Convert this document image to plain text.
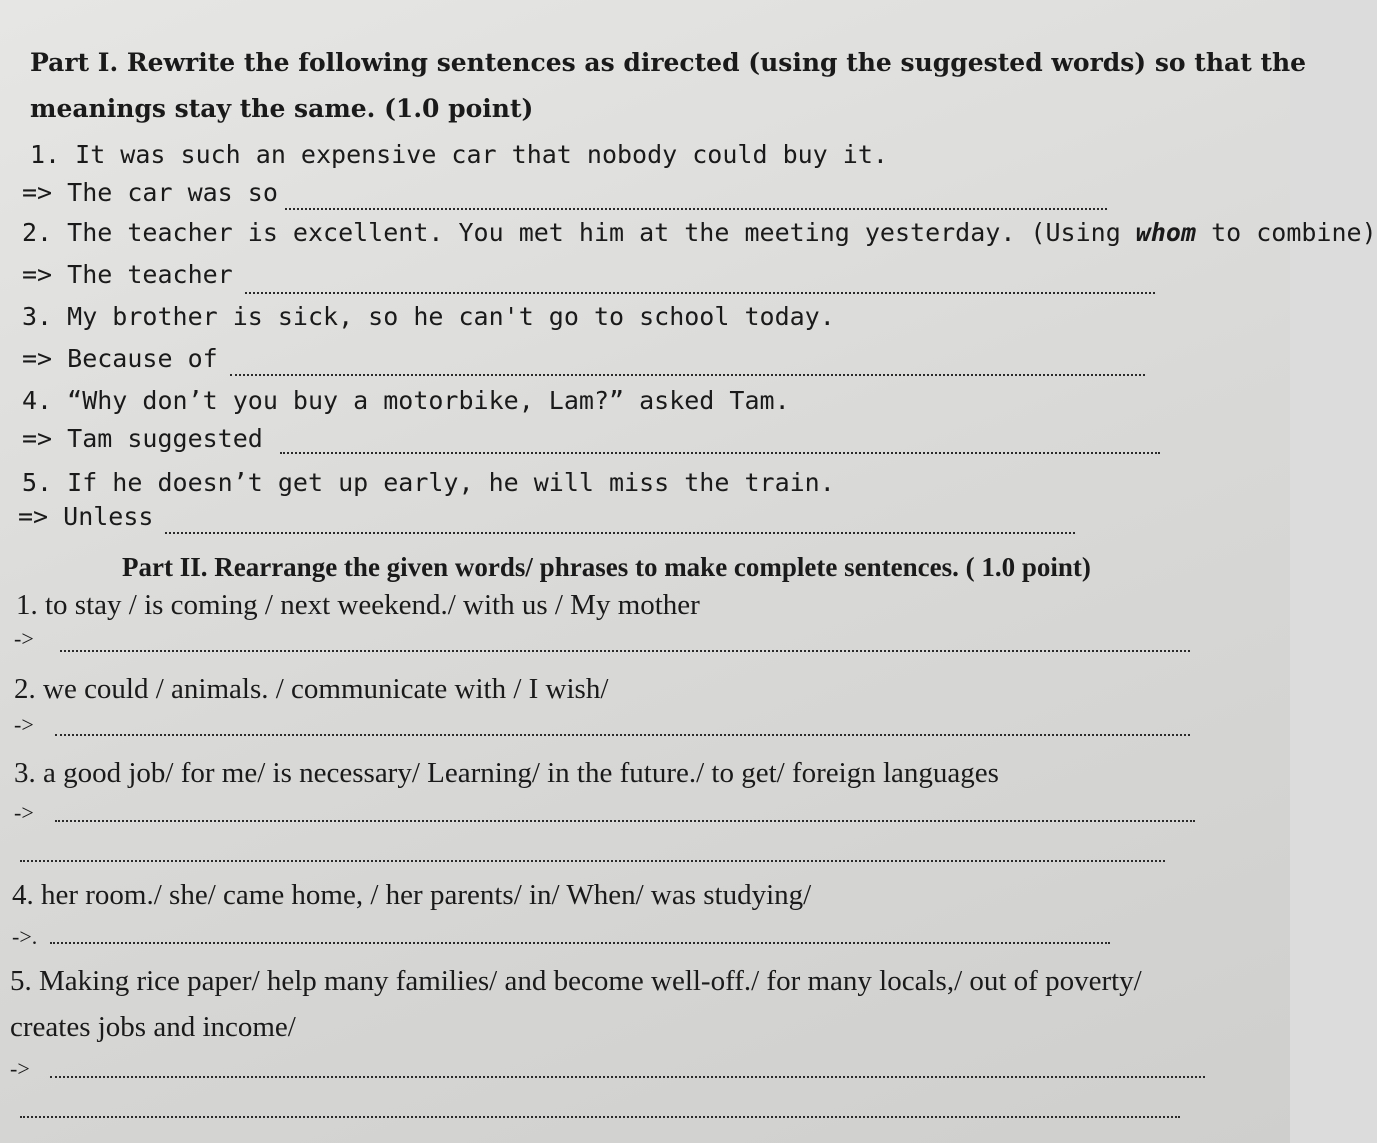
Part I. Rewrite the following sentences as directed (using the suggested words) so that the
meanings stay the same. (1.0 point)
1. It was such an expensive car that nobody could buy it.
=> The car was so
2. The teacher is excellent. You met him at the meeting yesterday. (Using whom to combine)
=> The teacher
3. My brother is sick, so he can't go to school today.
=> Because of
4. “Why don’t you buy a motorbike, Lam?” asked Tam.
=> Tam suggested
5. If he doesn’t get up early, he will miss the train.
=> Unless
Part II. Rearrange the given words/ phrases to make complete sentences. ( 1.0 point)
1. to stay / is coming / next weekend./ with us / My mother
->
2. we could / animals. / communicate with / I wish/
->
3. a good job/ for me/ is necessary/ Learning/ in the future./ to get/ foreign languages
->
4. her room./ she/ came home, / her parents/ in/ When/ was studying/
->.
5. Making rice paper/ help many families/ and become well-off./ for many locals,/ out of poverty/
creates jobs and income/
->
